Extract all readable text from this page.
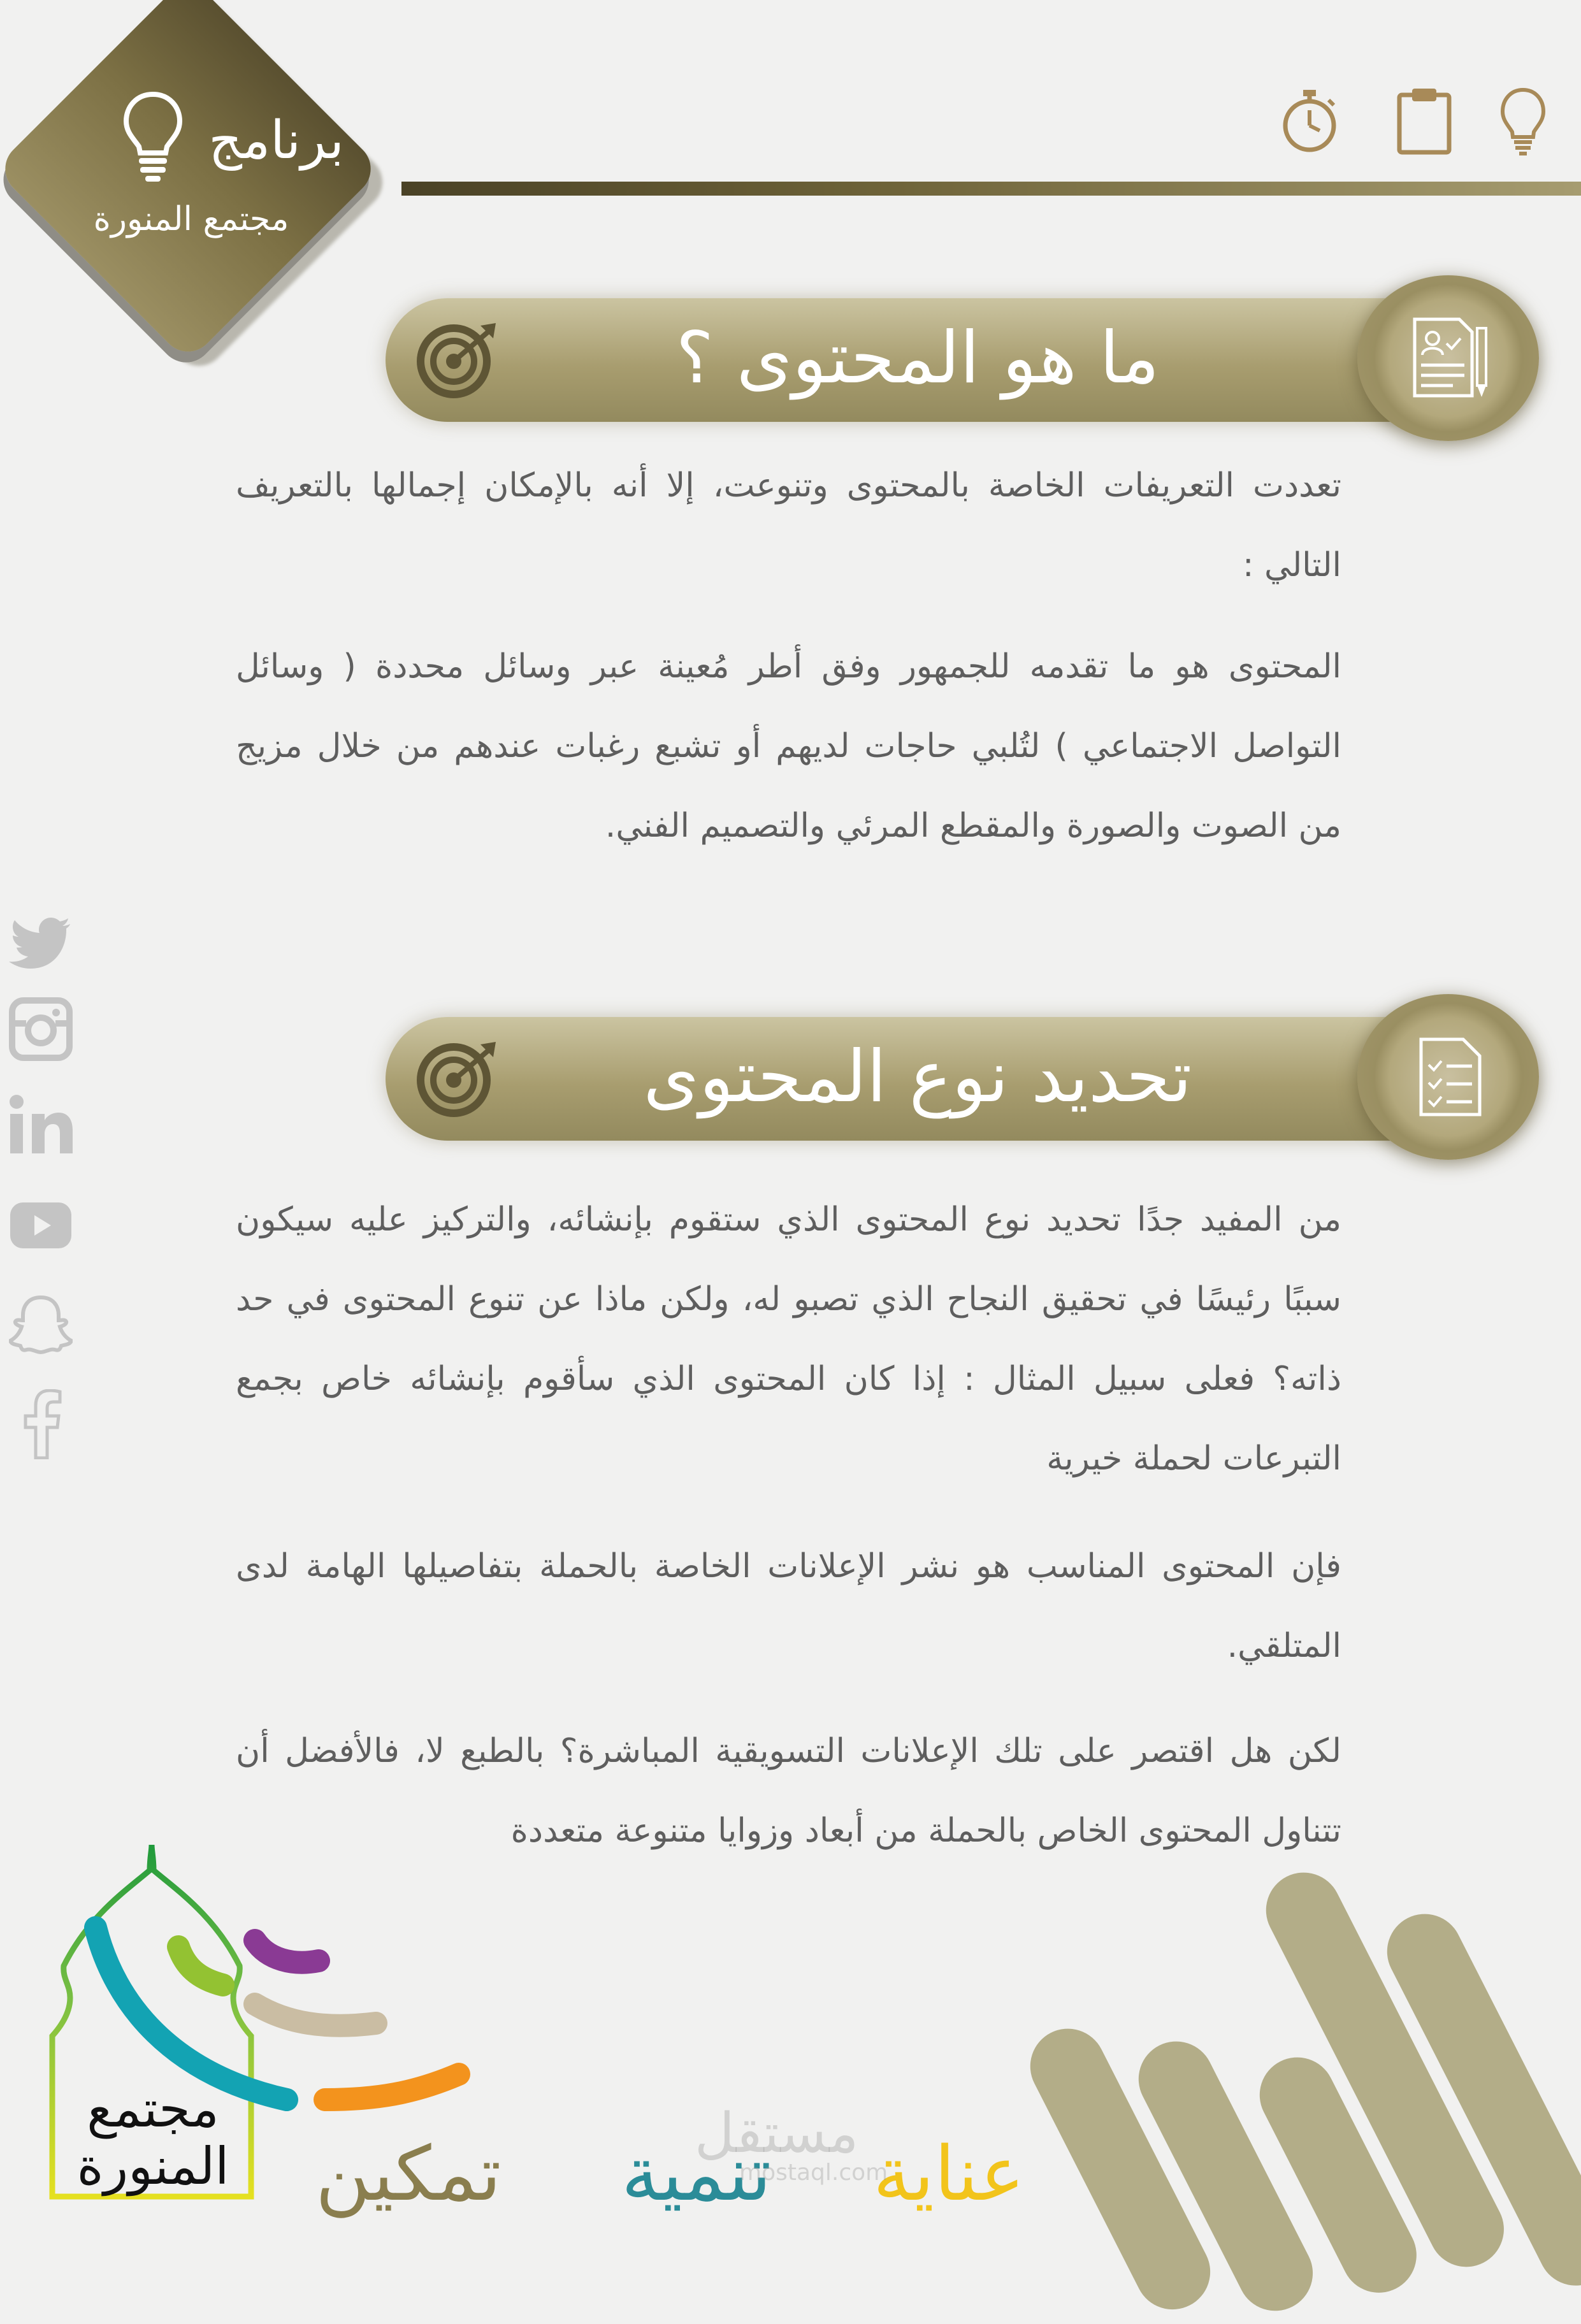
برنامج
مجتمع المنورة
ما هو المحتوى ؟
تعددت التعريفات الخاصة بالمحتوى وتنوعت، إلا أنه بالإمكان إجمالها بالتعريف التالي :
المحتوى هو ما تقدمه للجمهور وفق أطر مُعينة عبر وسائل محددة ( وسائل التواصل الاجتماعي ) لتُلبي حاجات لديهم أو تشبع رغبات عندهم من خلال مزيج من الصوت والصورة والمقطع المرئي والتصميم الفني.
تحديد نوع المحتوى
من المفيد جدًا تحديد نوع المحتوى الذي ستقوم بإنشائه، والتركيز عليه سيكون سببًا رئيسًا في تحقيق النجاح الذي تصبو له، ولكن ماذا عن تنوع المحتوى في حد ذاته؟ فعلى سبيل المثال : إذا كان المحتوى الذي سأقوم بإنشائه خاص بجمع التبرعات لحملة خيرية
فإن المحتوى المناسب هو نشر الإعلانات الخاصة بالحملة بتفاصيلها الهامة لدى المتلقي.
لكن هل اقتصر على تلك الإعلانات التسويقية المباشرة؟ بالطبع لا، فالأفضل أن تتناول المحتوى الخاص بالحملة من أبعاد وزوايا متنوعة متعددة
مجتمع
المنورة تمكين تنمية عناية
مستقل
mostaql.com
